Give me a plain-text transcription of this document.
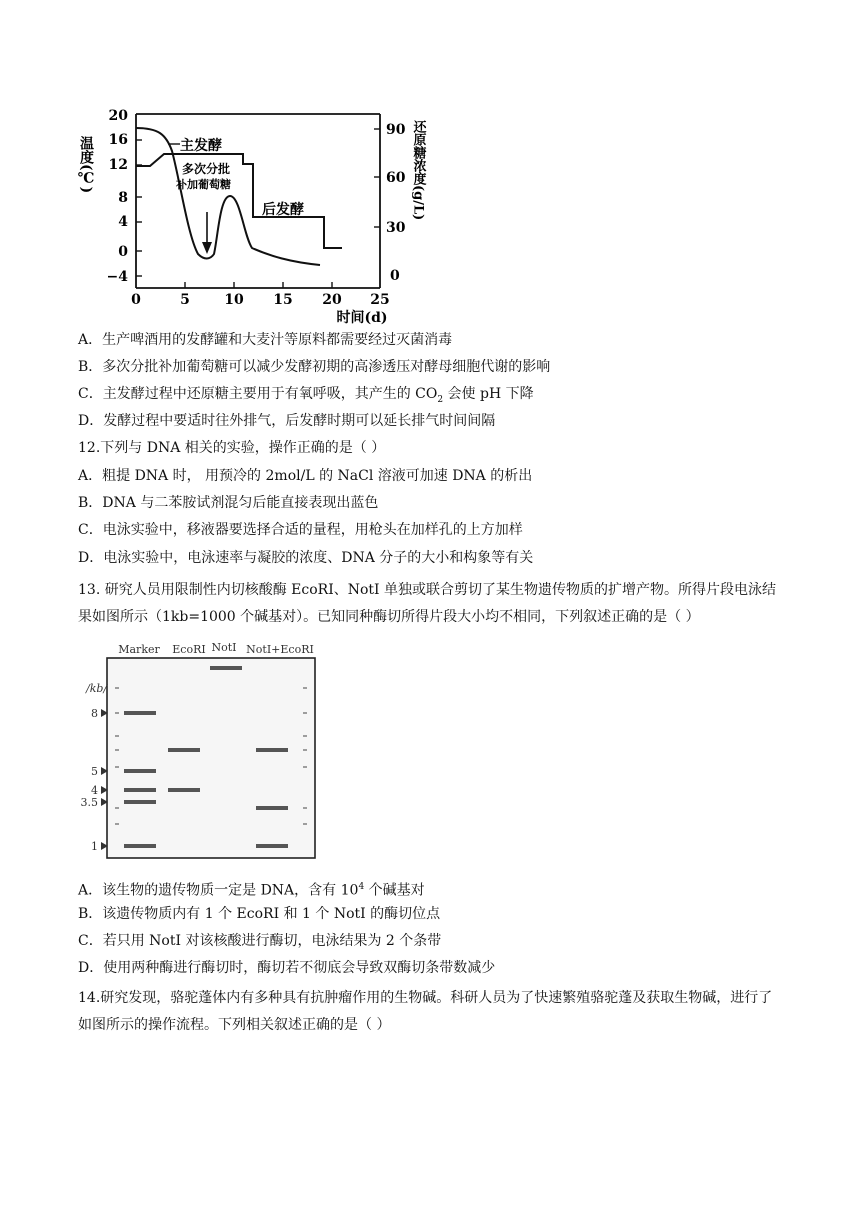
20
16
12
8
4
0
−4
温度(℃)
90
60
30
0
还原糖浓度(g/L)
0	5 10 15 20 25
时间(d)
主发酵
多次分批
补加葡萄糖
后发酵
A．生产啤酒用的发酵罐和大麦汁等原料都需要经过灭菌消毒
B．多次分批补加葡萄糖可以减少发酵初期的高渗透压对酵母细胞代谢的影响
C．主发酵过程中还原糖主要用于有氧呼吸，其产生的 $CO_2$ 会使 pH 下降
D．发酵过程中要适时往外排气，后发酵时期可以延长排气时间间隔
12.下列与 DNA 相关的实验，操作正确的是（ ）
A．粗提 DNA 时， 用预冷的 2mol/L 的 NaCl 溶液可加速 DNA 的析出
B．DNA 与二苯胺试剂混匀后能直接表现出蓝色
C．电泳实验中，移液器要选择合适的量程，用枪头在加样孔的上方加样
D．电泳实验中，电泳速率与凝胶的浓度、DNA 分子的大小和构象等有关
13. 研究人员用限制性内切核酸酶 EcoRI、NotI 单独或联合剪切了某生物遗传物质的扩增产物。所得片段电泳结果如图所示（1kb=1000 个碱基对）。已知同种酶切所得片段大小均不相同，下列叙述正确的是（ ）
Marker EcoRI NotI NotI+EcoRI
/kb/
8
5
4
3.5
1
A．该生物的遗传物质一定是 DNA，含有 $10^4$ 个碱基对
B．该遗传物质内有 1 个 EcoRI 和 1 个 NotI 的酶切位点
C．若只用 NotI 对该核酸进行酶切，电泳结果为 2 个条带
D．使用两种酶进行酶切时，酶切若不彻底会导致双酶切条带数减少
14.研究发现，骆驼蓬体内有多种具有抗肿瘤作用的生物碱。科研人员为了快速繁殖骆驼蓬及获取生物碱，进行了如图所示的操作流程。下列相关叙述正确的是（ ）
